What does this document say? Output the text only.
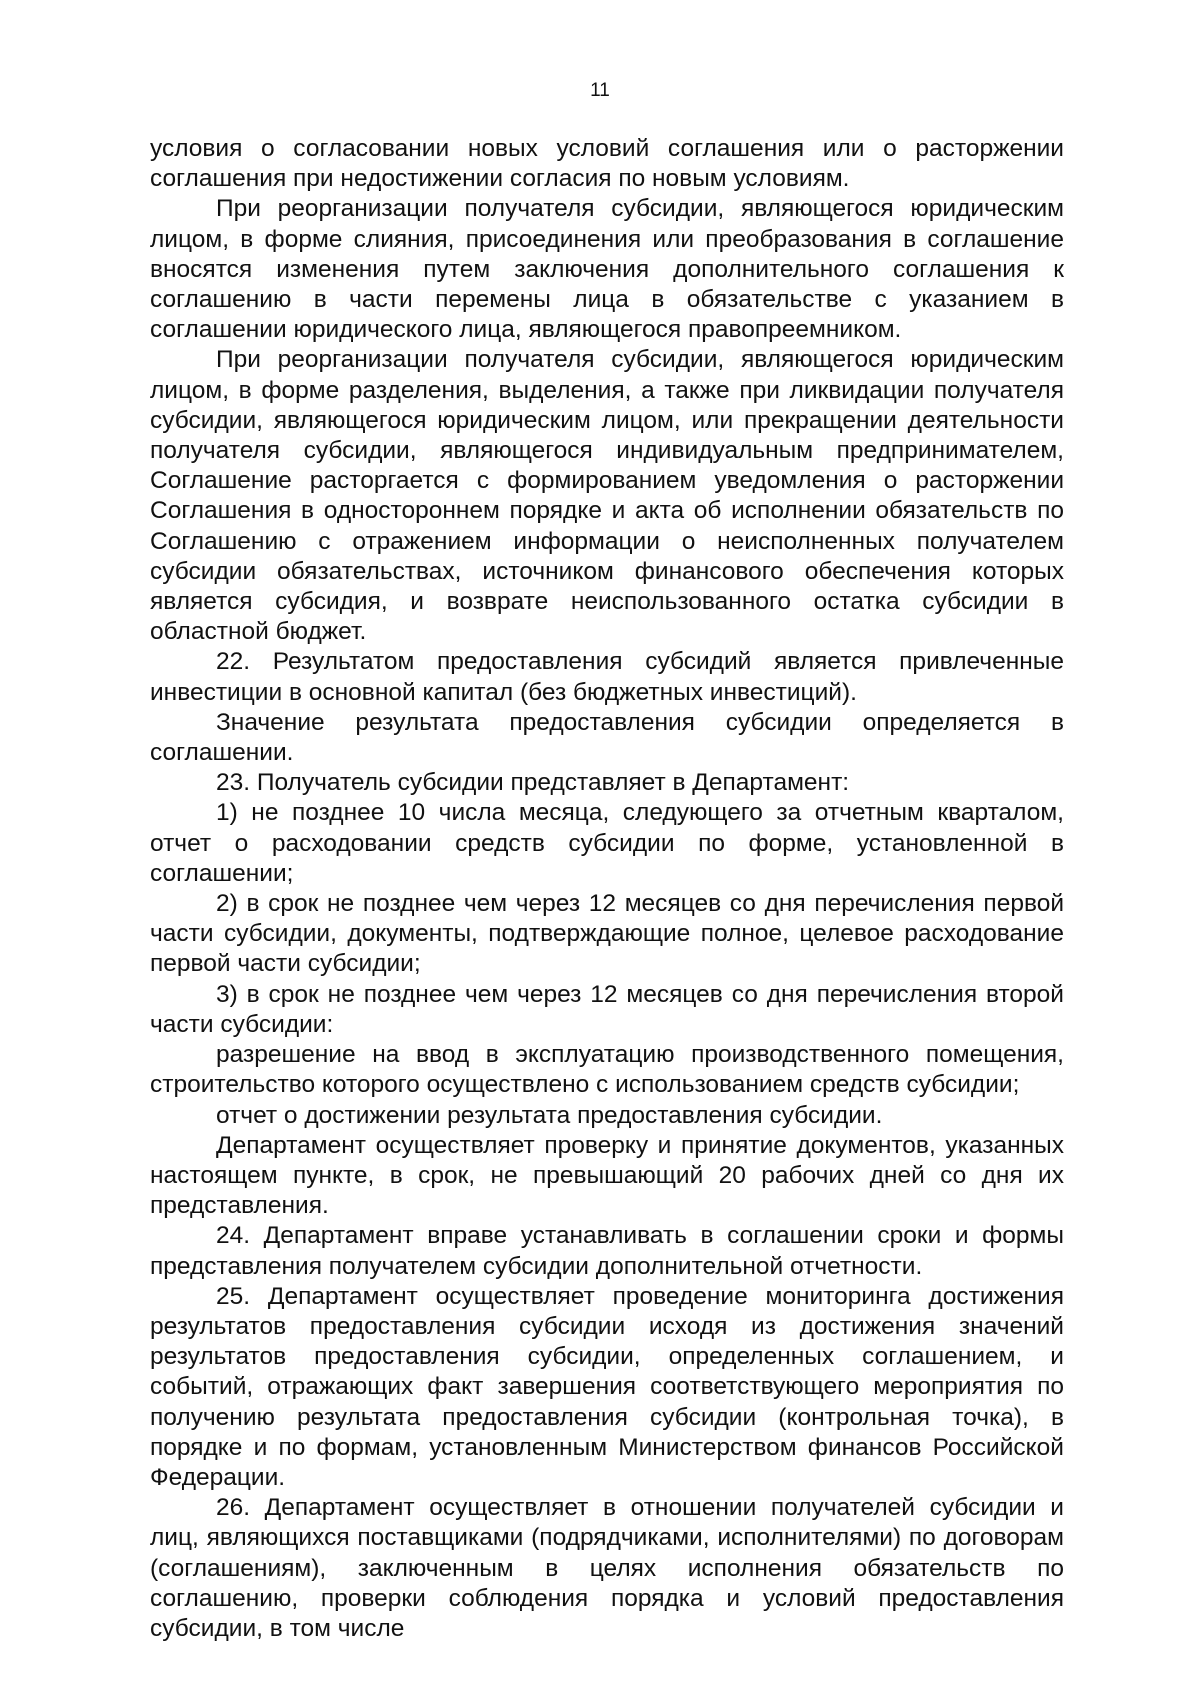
11

условия о согласовании новых условий соглашения или о расторжении соглашения при недостижении согласия по новым условиям.

При реорганизации получателя субсидии, являющегося юридическим лицом, в форме слияния, присоединения или преобразования в соглашение вносятся изменения путем заключения дополнительного соглашения к соглашению в части перемены лица в обязательстве с указанием в соглашении юридического лица, являющегося правопреемником.

При реорганизации получателя субсидии, являющегося юридическим лицом, в форме разделения, выделения, а также при ликвидации получателя субсидии, являющегося юридическим лицом, или прекращении деятельности получателя субсидии, являющегося индивидуальным предпринимателем, Соглашение расторгается с формированием уведомления о расторжении Соглашения в одностороннем порядке и акта об исполнении обязательств по Соглашению с отражением информации о неисполненных получателем субсидии обязательствах, источником финансового обеспечения которых является субсидия, и возврате неиспользованного остатка субсидии в областной бюджет.

22. Результатом предоставления субсидий является привлеченные инвестиции в основной капитал (без бюджетных инвестиций).

Значение результата предоставления субсидии определяется в соглашении.

23. Получатель субсидии представляет в Департамент:

1) не позднее 10 числа месяца, следующего за отчетным кварталом, отчет о расходовании средств субсидии по форме, установленной в соглашении;

2) в срок не позднее чем через 12 месяцев со дня перечисления первой части субсидии, документы, подтверждающие полное, целевое расходование первой части субсидии;

3) в срок не позднее чем через 12 месяцев со дня перечисления второй части субсидии:

разрешение на ввод в эксплуатацию производственного помещения, строительство которого осуществлено с использованием средств субсидии;

отчет о достижении результата предоставления субсидии.

Департамент осуществляет проверку и принятие документов, указанных настоящем пункте, в срок, не превышающий 20 рабочих дней со дня их представления.

24. Департамент вправе устанавливать в соглашении сроки и формы представления получателем субсидии дополнительной отчетности.

25. Департамент осуществляет проведение мониторинга достижения результатов предоставления субсидии исходя из достижения значений результатов предоставления субсидии, определенных соглашением, и событий, отражающих факт завершения соответствующего мероприятия по получению результата предоставления субсидии (контрольная точка), в порядке и по формам, установленным Министерством финансов Российской Федерации.

26. Департамент осуществляет в отношении получателей субсидии и лиц, являющихся поставщиками (подрядчиками, исполнителями) по договорам (соглашениям), заключенным в целях исполнения обязательств по соглашению, проверки соблюдения порядка и условий предоставления субсидии, в том числе
